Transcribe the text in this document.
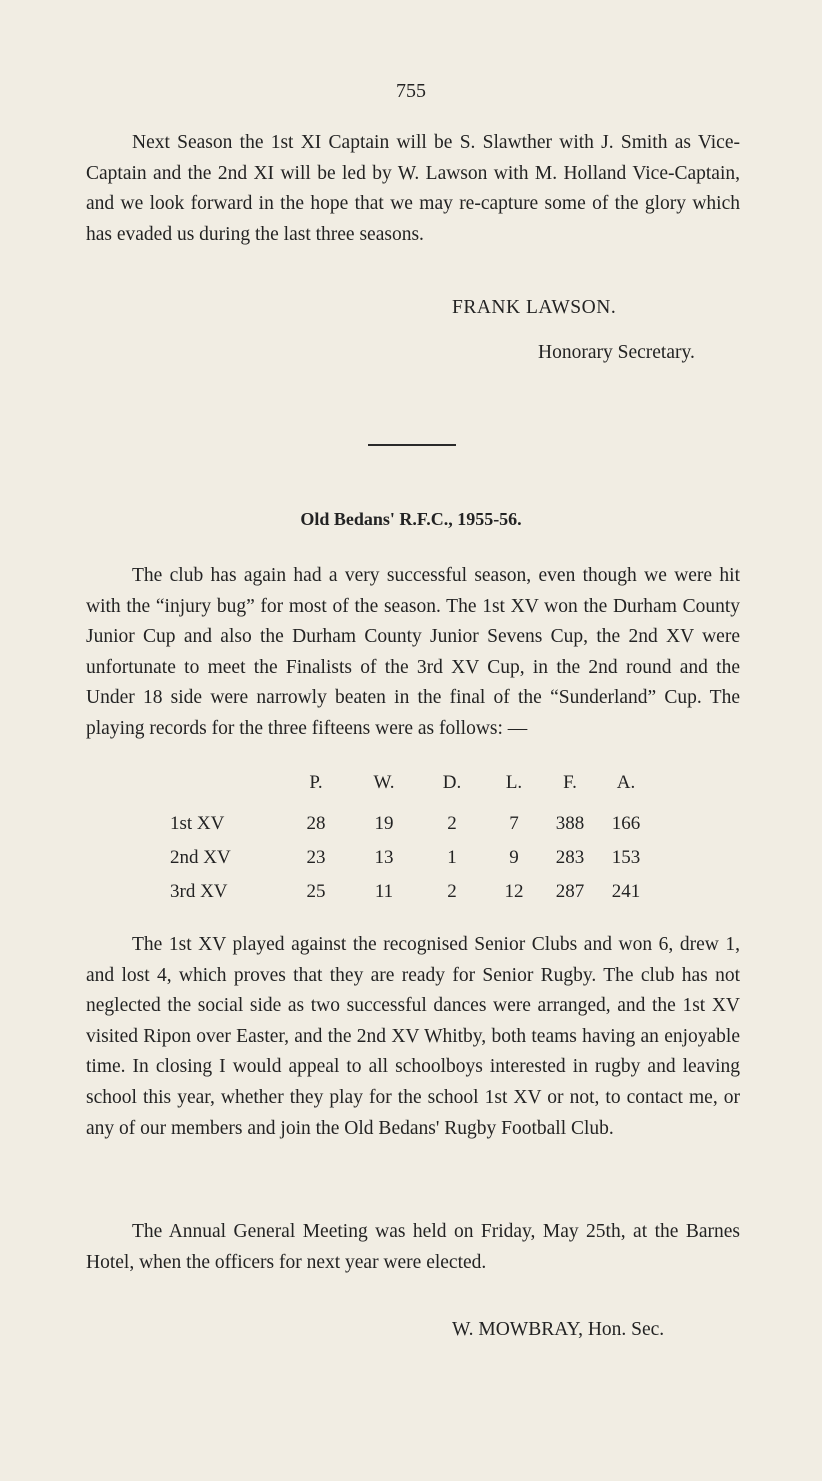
755

Next Season the 1st XI Captain will be S. Slawther with J. Smith as Vice-Captain and the 2nd XI will be led by W. Lawson with M. Holland Vice-Captain, and we look forward in the hope that we may re-capture some of the glory which has evaded us during the last three seasons.

FRANK LAWSON.
Honorary Secretary.
Old Bedans' R.F.C., 1955-56.

The club has again had a very successful season, even though we were hit with the “injury bug” for most of the season. The 1st XV won the Durham County Junior Cup and also the Durham County Junior Sevens Cup, the 2nd XV were unfortunate to meet the Finalists of the 3rd XV Cup, in the 2nd round and the Under 18 side were narrowly beaten in the final of the “Sunderland” Cup. The playing records for the three fifteens were as follows: —

	P.	W.	D.	L.	F.	A.
1st XV	28	19	2	7	388	166
2nd XV	23	13	1	9	283	153
3rd XV	25	11	2	12	287	241

The 1st XV played against the recognised Senior Clubs and won 6, drew 1, and lost 4, which proves that they are ready for Senior Rugby. The club has not neglected the social side as two successful dances were arranged, and the 1st XV visited Ripon over Easter, and the 2nd XV Whitby, both teams having an enjoyable time. In closing I would appeal to all schoolboys interested in rugby and leaving school this year, whether they play for the school 1st XV or not, to contact me, or any of our members and join the Old Bedans' Rugby Football Club.

The Annual General Meeting was held on Friday, May 25th, at the Barnes Hotel, when the officers for next year were elected.

W. MOWBRAY, Hon. Sec.
